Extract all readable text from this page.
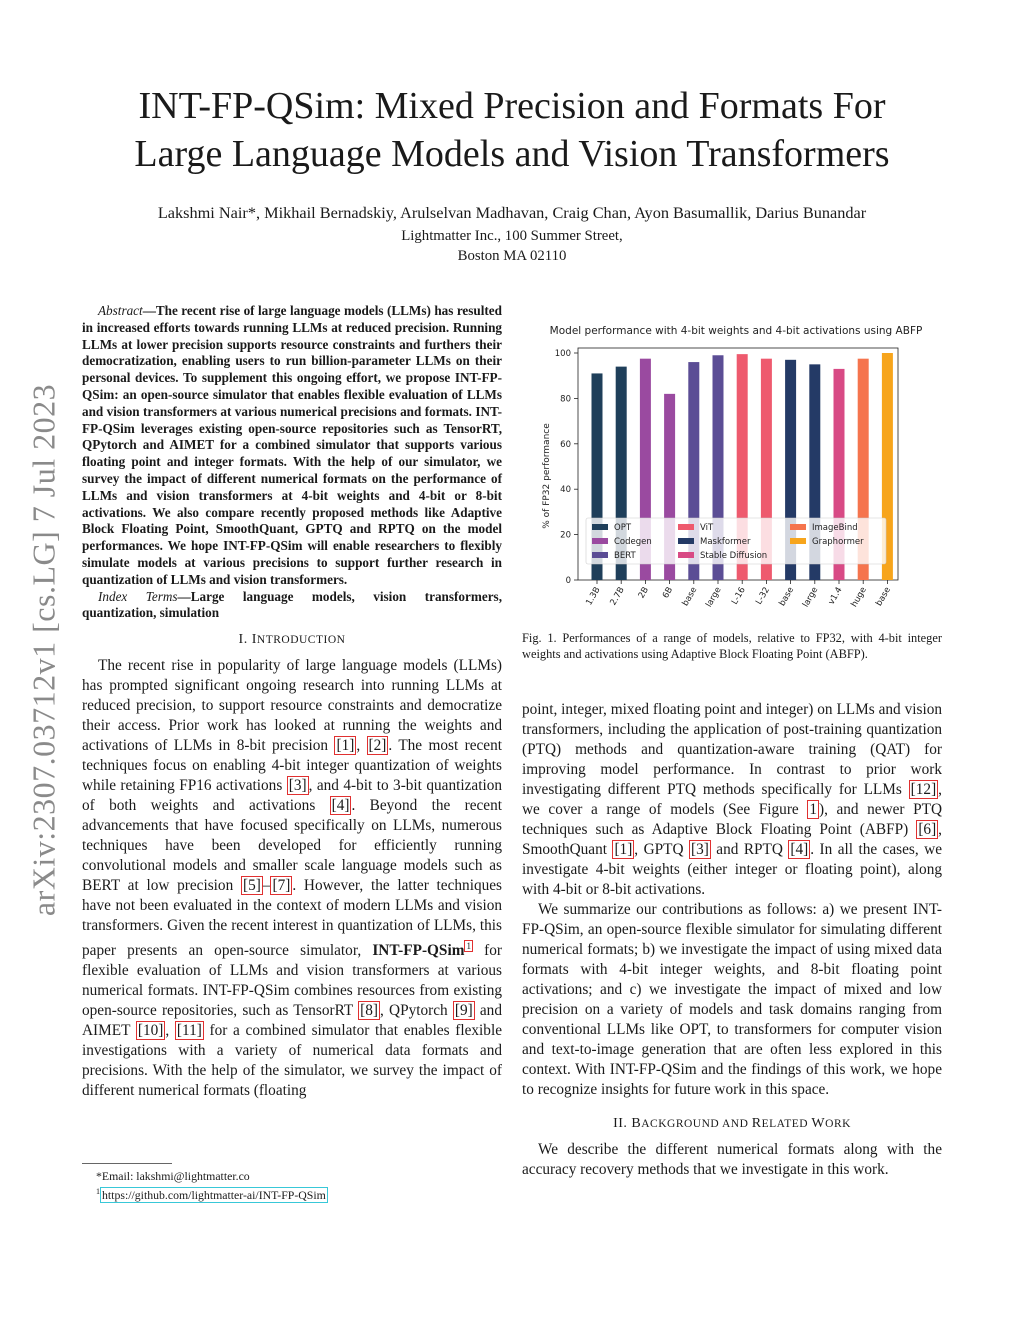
arXiv:2307.03712v1 [cs.LG] 7 Jul 2023
INT-FP-QSim: Mixed Precision and Formats For
Large Language Models and Vision Transformers
Lakshmi Nair*, Mikhail Bernadskiy, Arulselvan Madhavan, Craig Chan, Ayon Basumallik, Darius Bunandar
Lightmatter Inc., 100 Summer Street,
Boston MA 02110

Abstract—The recent rise of large language models (LLMs) has resulted in increased efforts towards running LLMs at reduced precision. Running LLMs at lower precision supports resource constraints and furthers their democratization, enabling users to run billion-parameter LLMs on their personal devices. To supplement this ongoing effort, we propose INT-FP-QSim: an open-source simulator that enables flexible evaluation of LLMs and vision transformers at various numerical precisions and formats. INT-FP-QSim leverages existing open-source repositories such as TensorRT, QPytorch and AIMET for a combined simulator that supports various floating point and integer formats. With the help of our simulator, we survey the impact of different numerical formats on the performance of LLMs and vision transformers at 4-bit weights and 4-bit or 8-bit activations. We also compare recently proposed methods like Adaptive Block Floating Point, SmoothQuant, GPTQ and RPTQ on the model performances. We hope INT-FP-QSim will enable researchers to flexibly simulate models at various precisions to support further research in quantization of LLMs and vision transformers.

Index Terms—Large language models, vision transformers, quantization, simulation

I. INTRODUCTION

The recent rise in popularity of large language models (LLMs) has prompted significant ongoing research into running LLMs at reduced precision, to support resource constraints and democratize their access. Prior work has looked at running the weights and activations of LLMs in 8-bit precision [1] , [2] . The most recent techniques focus on enabling 4-bit integer quantization of weights while retaining FP16 activations [3] , and 4-bit to 3-bit quantization of both weights and activations [4] . Beyond the recent advancements that have focused specifically on LLMs, numerous techniques have been developed for efficiently running convolutional models and smaller scale language models such as BERT at low precision [5] – [7] . However, the latter techniques have not been evaluated in the context of modern LLMs and vision transformers. Given the recent interest in quantization of LLMs, this paper presents an open-source simulator, INT-FP-QSim $^1$ for flexible evaluation of LLMs and vision transformers at various numerical formats. INT-FP-QSim combines resources from existing open-source repositories, such as TensorRT [8] , QPytorch [9] and AIMET [10] , [11] for a combined simulator that enables flexible investigations with a variety of numerical data formats and precisions. With the help of the simulator, we survey the impact of different numerical formats (floating

*Email: lakshmi@lightmatter.co
$^1$ https://github.com/lightmatter-ai/INT-FP-QSim
Model performance with 4-bit weights and 4-bit activations using ABFP
% of FP32 performance
0
20
40
60
80
100
1.3B 2.7B 2B 6B base large L-16 L-32 base large v1.4 huge base
OPT
Codegen
BERT
ViT
Maskformer
Stable Diffusion
ImageBind
Graphormer
Fig. 1. Performances of a range of models, relative to FP32, with 4-bit integer weights and activations using Adaptive Block Floating Point (ABFP).

point, integer, mixed floating point and integer) on LLMs and vision transformers, including the application of post-training quantization (PTQ) methods and quantization-aware training (QAT) for improving model performance. In contrast to prior work investigating different PTQ methods specifically for LLMs [12] , we cover a range of models (See Figure 1 ), and newer PTQ techniques such as Adaptive Block Floating Point (ABFP) [6] , SmoothQuant [1] , GPTQ [3] and RPTQ [4] . In all the cases, we investigate 4-bit weights (either integer or floating point), along with 4-bit or 8-bit activations.

We summarize our contributions as follows: a) we present INT-FP-QSim, an open-source flexible simulator for simulating different numerical formats; b) we investigate the impact of using mixed data formats with 4-bit integer weights, and 8-bit floating point activations; and c) we investigate the impact of mixed and low precision on a variety of models and task domains ranging from conventional LLMs like OPT, to transformers for computer vision and text-to-image generation that are often less explored in this context. With INT-FP-QSim and the findings of this work, we hope to recognize insights for future work in this space.

II. BACKGROUND AND RELATED WORK

We describe the different numerical formats along with the accuracy recovery methods that we investigate in this work.
